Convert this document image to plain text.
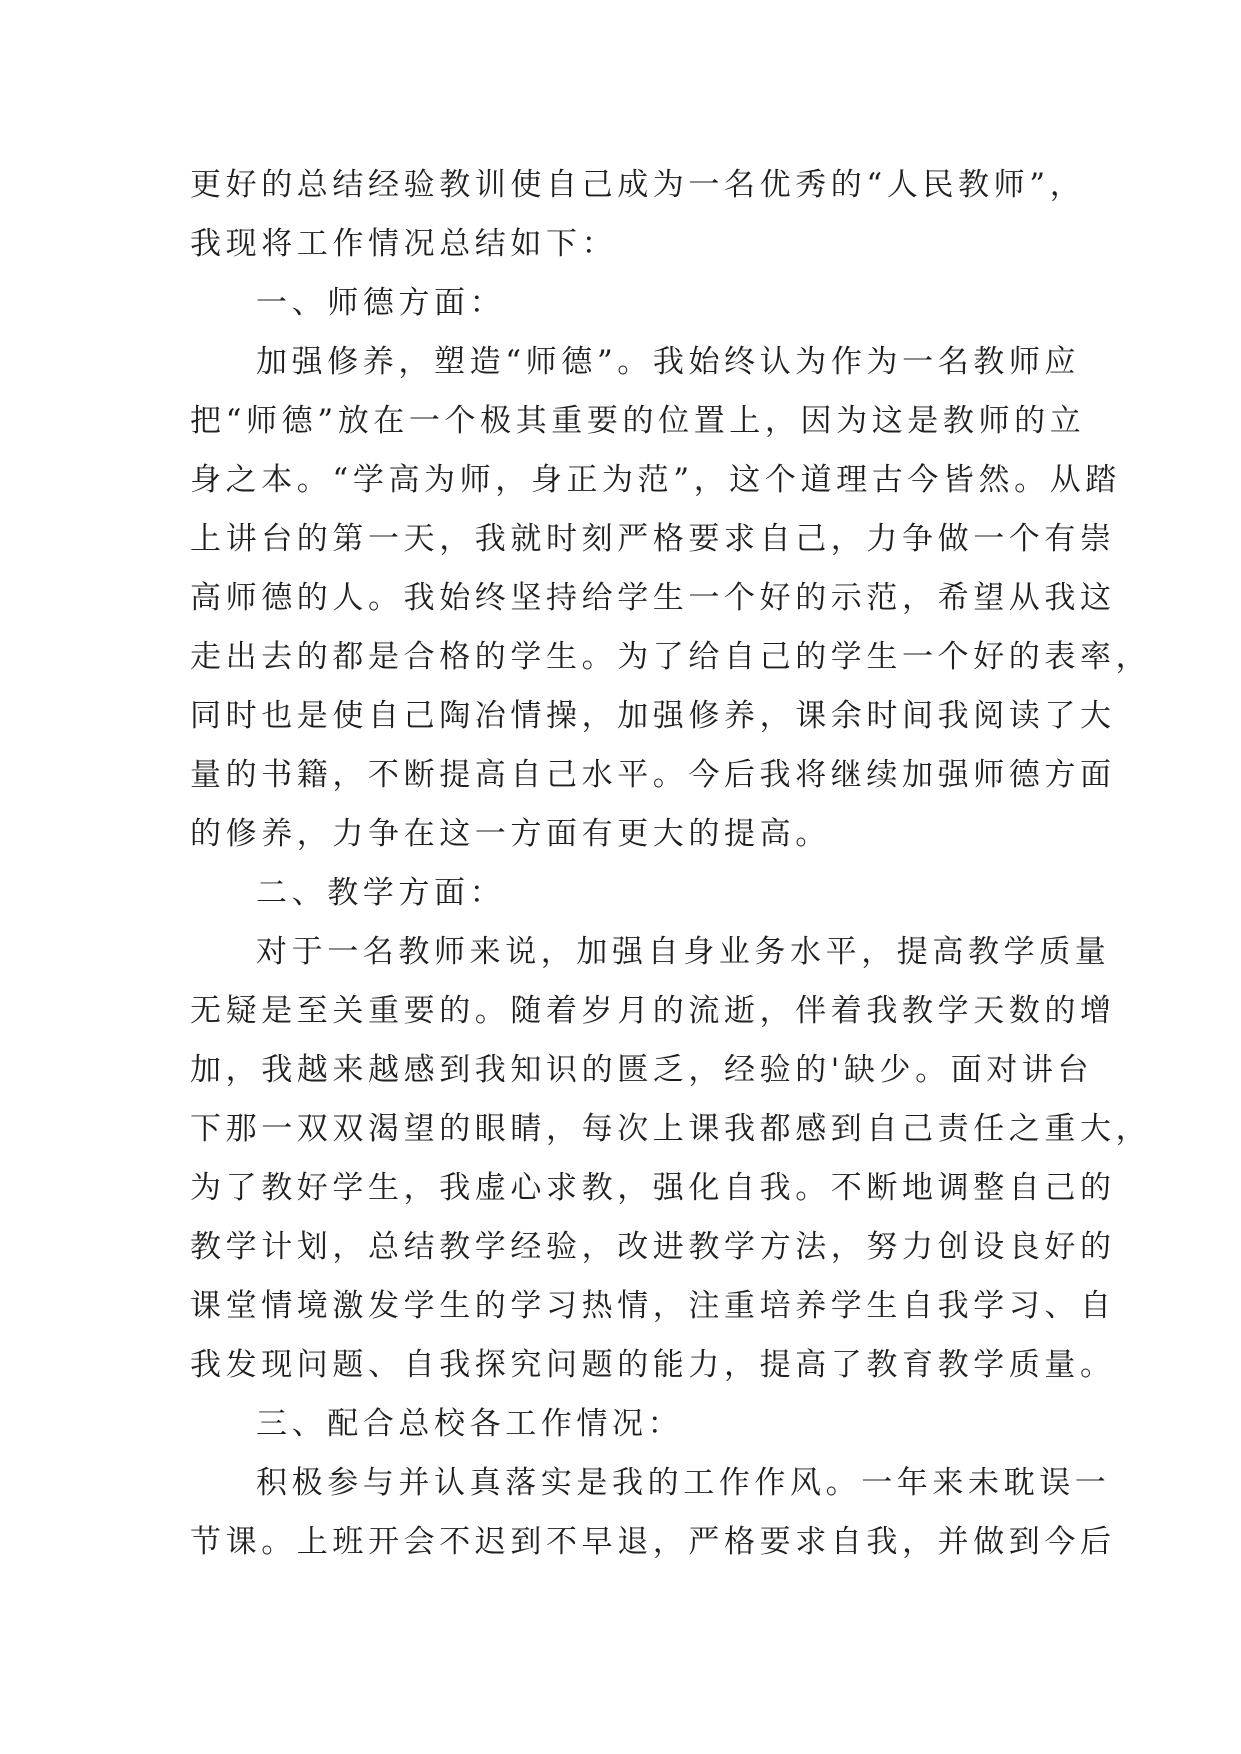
更好的总结经验教训使自己成为一名优秀的“人民教师”，
我现将工作情况总结如下：
一、师德方面：
加强修养，塑造“师德”。我始终认为作为一名教师应
把“师德”放在一个极其重要的位置上，因为这是教师的立
身之本。“学高为师，身正为范”，这个道理古今皆然。从踏
上讲台的第一天，我就时刻严格要求自己，力争做一个有崇
高师德的人。我始终坚持给学生一个好的示范，希望从我这
走出去的都是合格的学生。为了给自己的学生一个好的表率，
同时也是使自己陶冶情操，加强修养，课余时间我阅读了大
量的书籍，不断提高自己水平。今后我将继续加强师德方面
的修养，力争在这一方面有更大的提高。
二、教学方面：
对于一名教师来说，加强自身业务水平，提高教学质量
无疑是至关重要的。随着岁月的流逝，伴着我教学天数的增
加，我越来越感到我知识的匮乏，经验的'缺少。面对讲台
下那一双双渴望的眼睛，每次上课我都感到自己责任之重大，
为了教好学生，我虚心求教，强化自我。不断地调整自己的
教学计划，总结教学经验，改进教学方法，努力创设良好的
课堂情境激发学生的学习热情，注重培养学生自我学习、自
我发现问题、自我探究问题的能力，提高了教育教学质量。
三、配合总校各工作情况：
积极参与并认真落实是我的工作作风。一年来未耽误一
节课。上班开会不迟到不早退，严格要求自我，并做到今后
